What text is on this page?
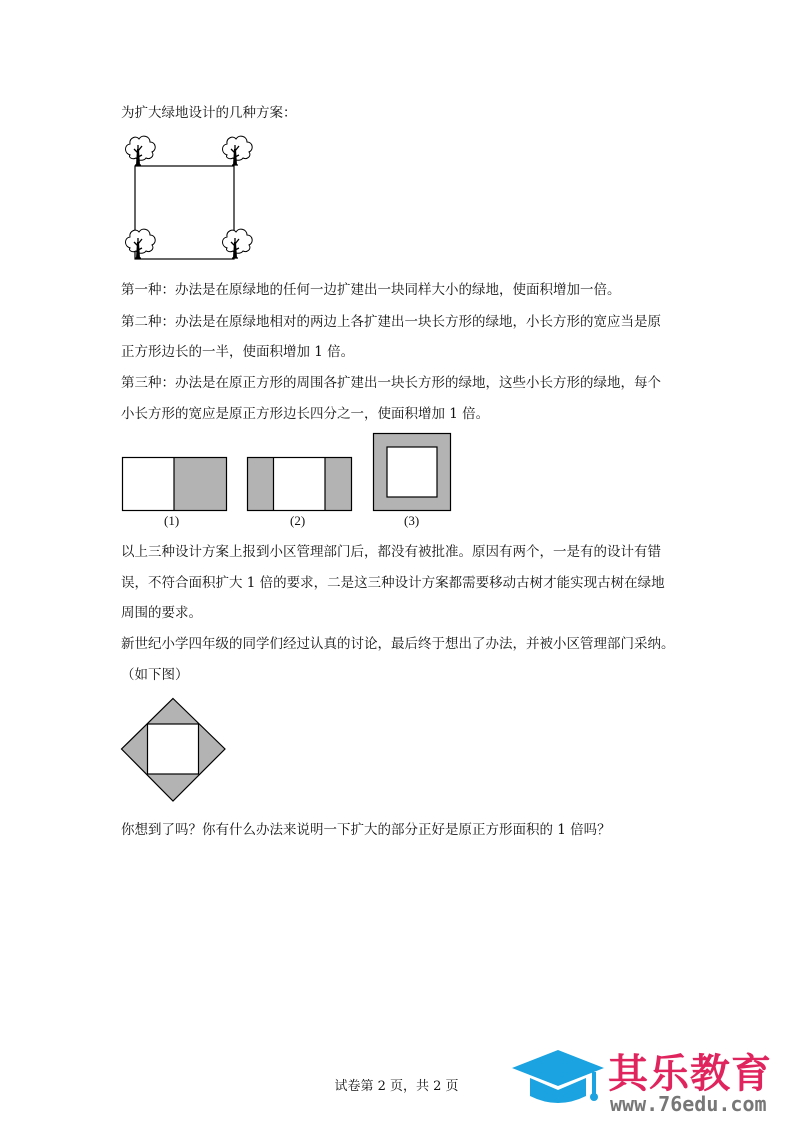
为扩大绿地设计的几种方案：
第一种：办法是在原绿地的任何一边扩建出一块同样大小的绿地，使面积增加一倍。
第二种：办法是在原绿地相对的两边上各扩建出一块长方形的绿地，小长方形的宽应当是原
正方形边长的一半，使面积增加 1 倍。
第三种：办法是在原正方形的周围各扩建出一块长方形的绿地，这些小长方形的绿地，每个
小长方形的宽应是原正方形边长四分之一，使面积增加 1 倍。
(1)	(2)	(3)
以上三种设计方案上报到小区管理部门后，都没有被批准。原因有两个，一是有的设计有错
误，不符合面积扩大 1 倍的要求，二是这三种设计方案都需要移动古树才能实现古树在绿地
周围的要求。
新世纪小学四年级的同学们经过认真的讨论，最后终于想出了办法，并被小区管理部门采纳。
（如下图）
你想到了吗？你有什么办法来说明一下扩大的部分正好是原正方形面积的 1 倍吗？
试卷第 2 页，共 2 页	其乐教育
www.76edu.com
